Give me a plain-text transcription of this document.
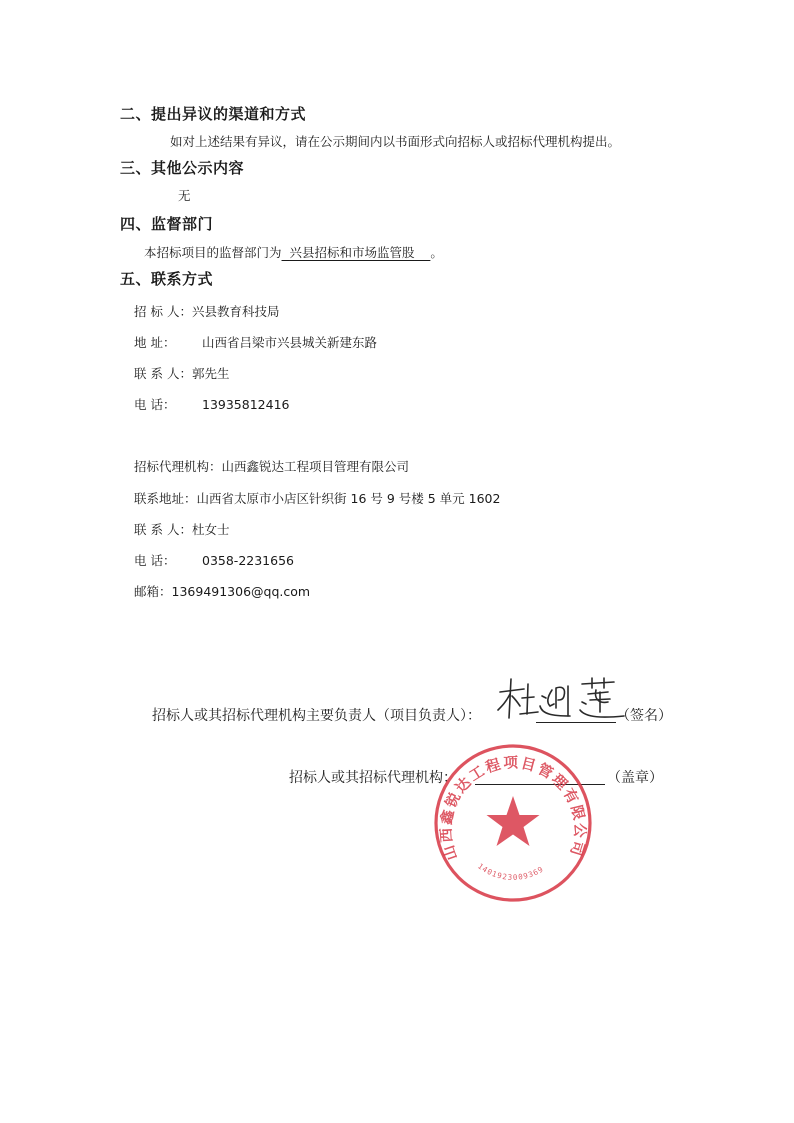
二、提出异议的渠道和方式
如对上述结果有异议，请在公示期间内以书面形式向招标人或招标代理机构提出。
三、其他公示内容
无
四、监督部门
本招标项目的监督部门为 兴县招标和市场监管股 。
五、联系方式
招 标 人：兴县教育科技局
地 址： 山西省吕梁市兴县城关新建东路
联 系 人：郭先生
电 话： 13935812416
招标代理机构：山西鑫锐达工程项目管理有限公司
联系地址：山西省太原市小店区针织街 16 号 9 号楼 5 单元 1602
联 系 人：杜女士
电 话： 0358-2231656
邮箱：1369491306@qq.com
招标人或其招标代理机构主要负责人（项目负责人）：	（签名）
招标人或其招标代理机构：	（盖章）
山西鑫锐达工程项目管理有限公司
1401923009369
